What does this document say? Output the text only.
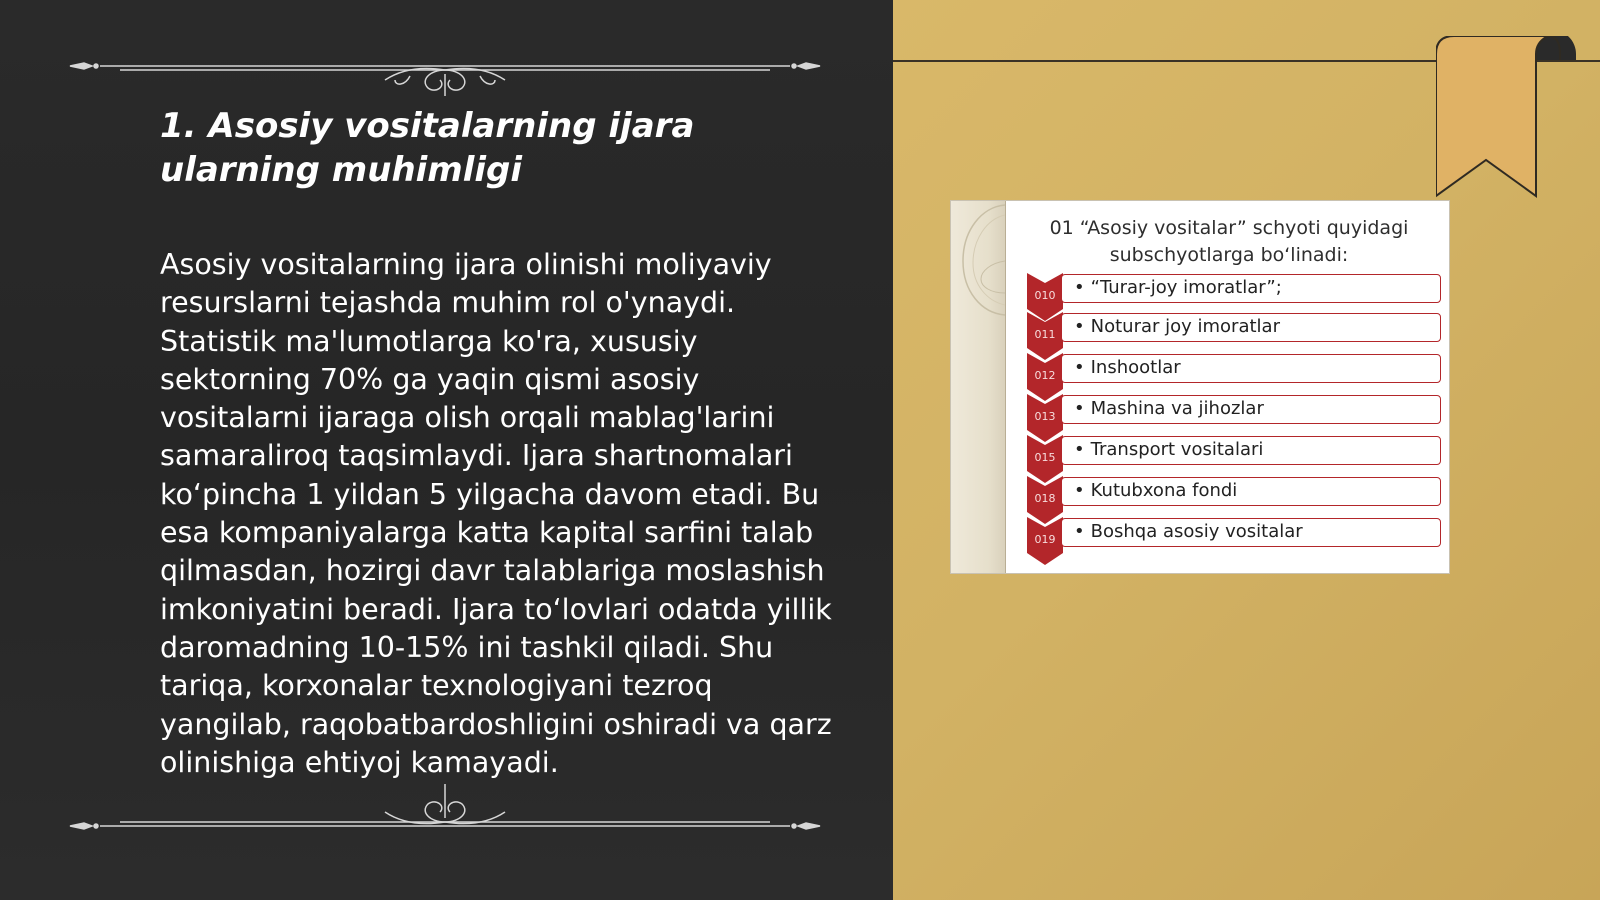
1. Asosiy vositalarning ijara ularning muhimligi

Asosiy vositalarning ijara olinishi moliyaviy resurslarni tejashda muhim rol o'ynaydi. Statistik ma'lumotlarga ko'ra, xususiy sektorning 70% ga yaqin qismi asosiy vositalarni ijaraga olish orqali mablag'larini samaraliroq taqsimlaydi. Ijara shartnomalari ko‘pincha 1 yildan 5 yilgacha davom etadi. Bu esa kompaniyalarga katta kapital sarfini talab qilmasdan, hozirgi davr talablariga moslashish imkoniyatini beradi. Ijara to‘lovlari odatda yillik daromadning 10-15% ini tashkil qiladi. Shu tariqa, korxonalar texnologiyani tezroq yangilab, raqobatbardoshligini oshiradi va qarz olinishiga ehtiyoj kamayadi.

01 “Asosiy vositalar” schyoti quyidagi subschyotlarga bo‘linadi:
010	• “Turar-joy imoratlar”;
011	• Noturar joy imoratlar
012	• Inshootlar
013	• Mashina va jihozlar
015	• Transport vositalari
018	• Kutubxona fondi
019	• Boshqa asosiy vositalar
